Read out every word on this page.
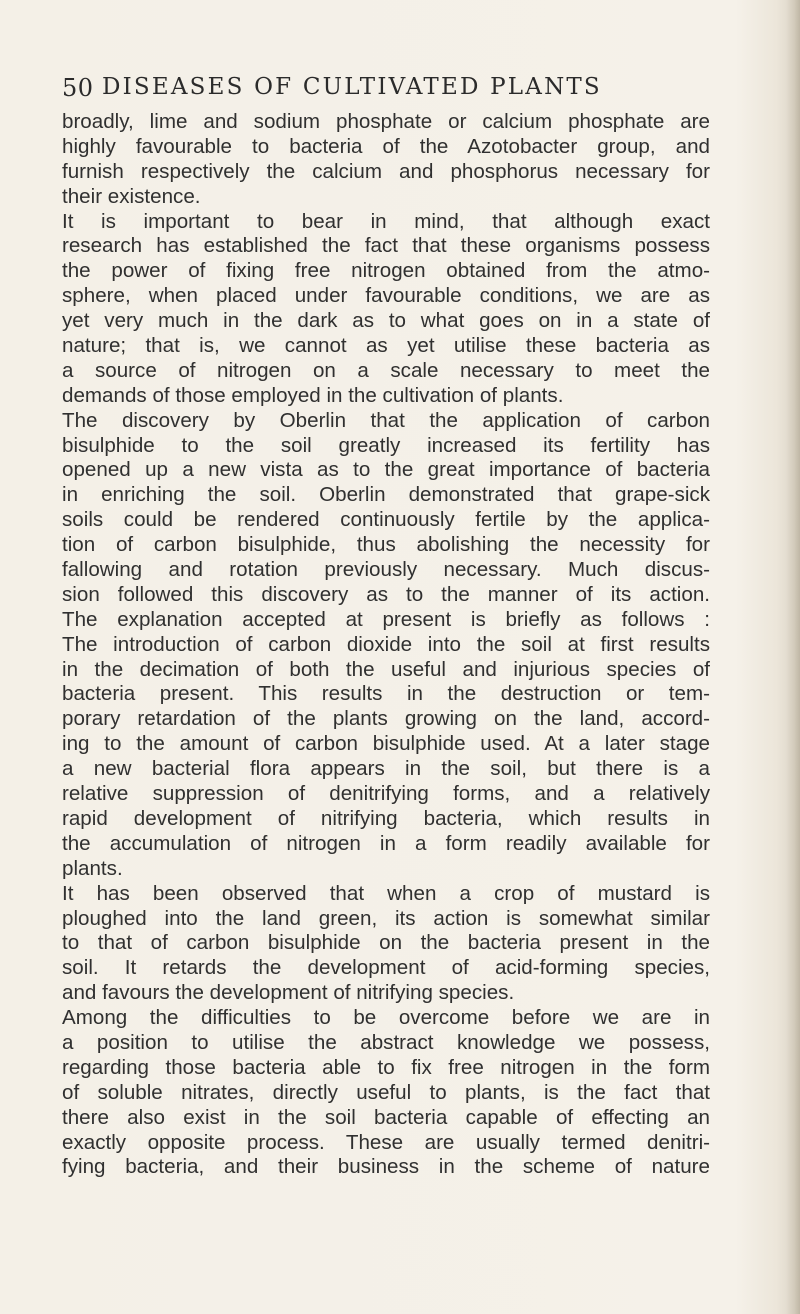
50 DISEASES OF CULTIVATED PLANTS
broadly, lime and sodium phosphate or calcium phosphate are
highly favourable to bacteria of the Azotobacter group, and
furnish respectively the calcium and phosphorus necessary for
their existence.
It is important to bear in mind, that although exact
research has established the fact that these organisms possess
the power of fixing free nitrogen obtained from the atmo-
sphere, when placed under favourable conditions, we are as
yet very much in the dark as to what goes on in a state of
nature; that is, we cannot as yet utilise these bacteria as
a source of nitrogen on a scale necessary to meet the
demands of those employed in the cultivation of plants.
The discovery by Oberlin that the application of carbon
bisulphide to the soil greatly increased its fertility has
opened up a new vista as to the great importance of bacteria
in enriching the soil. Oberlin demonstrated that grape-sick
soils could be rendered continuously fertile by the applica-
tion of carbon bisulphide, thus abolishing the necessity for
fallowing and rotation previously necessary. Much discus-
sion followed this discovery as to the manner of its action.
The explanation accepted at present is briefly as follows :
The introduction of carbon dioxide into the soil at first results
in the decimation of both the useful and injurious species of
bacteria present. This results in the destruction or tem-
porary retardation of the plants growing on the land, accord-
ing to the amount of carbon bisulphide used. At a later stage
a new bacterial flora appears in the soil, but there is a
relative suppression of denitrifying forms, and a relatively
rapid development of nitrifying bacteria, which results in
the accumulation of nitrogen in a form readily available for
plants.
It has been observed that when a crop of mustard is
ploughed into the land green, its action is somewhat similar
to that of carbon bisulphide on the bacteria present in the
soil. It retards the development of acid-forming species,
and favours the development of nitrifying species.
Among the difficulties to be overcome before we are in
a position to utilise the abstract knowledge we possess,
regarding those bacteria able to fix free nitrogen in the form
of soluble nitrates, directly useful to plants, is the fact that
there also exist in the soil bacteria capable of effecting an
exactly opposite process. These are usually termed denitri-
fying bacteria, and their business in the scheme of nature
